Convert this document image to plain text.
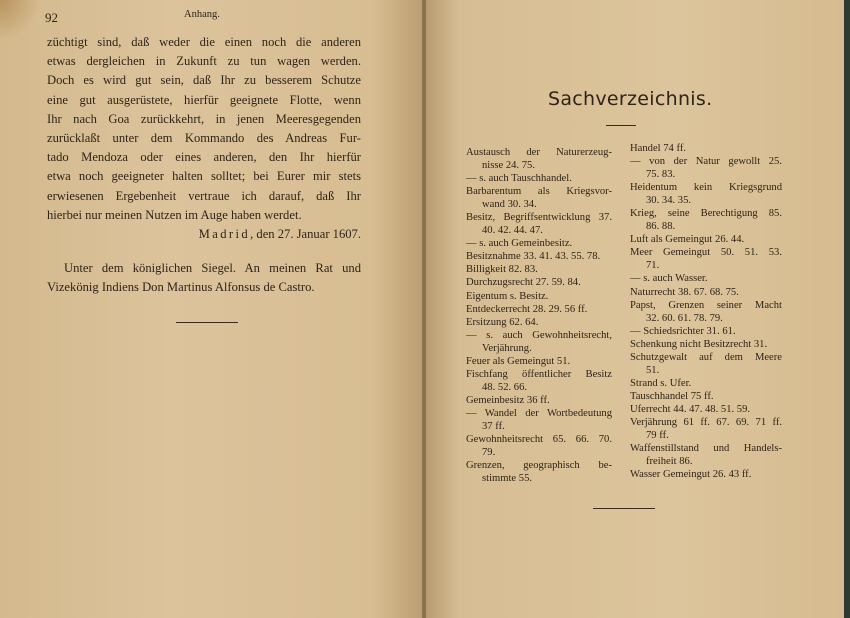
92	Anhang.
züchtigt sind, daß weder die einen noch die anderen
etwas dergleichen in Zukunft zu tun wagen werden.
Doch es wird gut sein, daß Ihr zu besserem Schutze
eine gut ausgerüstete, hierfür geeignete Flotte, wenn
Ihr nach Goa zurückkehrt, in jenen Meeresgegenden
zurücklaßt unter dem Kommando des Andreas Fur-
tado Mendoza oder eines anderen, den Ihr hierfür
etwa noch geeigneter halten solltet; bei Eurer mir stets
erwiesenen Ergebenheit vertraue ich darauf, daß Ihr
hierbei nur meinen Nutzen im Auge haben werdet.
Madrid, den 27. Januar 1607.
Unter dem königlichen Siegel. An meinen Rat und
Vizekönig Indiens Don Martinus Alfonsus de Castro.
Sachverzeichnis.
Austausch der Naturerzeug-
nisse 24. 75.
— s. auch Tauschhandel.
Barbarentum als Kriegsvor-
wand 30. 34.
Besitz, Begriffsentwicklung 37.
40. 42. 44. 47.
— s. auch Gemeinbesitz.
Besitznahme 33. 41. 43. 55. 78.
Billigkeit 82. 83.
Durchzugsrecht 27. 59. 84.
Eigentum s. Besitz.
Entdeckerrecht 28. 29. 56 ff.
Ersitzung 62. 64.
— s. auch Gewohnheitsrecht,
Verjährung.
Feuer als Gemeingut 51.
Fischfang öffentlicher Besitz
48. 52. 66.
Gemeinbesitz 36 ff.
— Wandel der Wortbedeutung
37 ff.
Gewohnheitsrecht 65. 66. 70.
79.
Grenzen, geographisch be-
stimmte 55.
Handel 74 ff.
— von der Natur gewollt 25.
75. 83.
Heidentum kein Kriegsgrund
30. 34. 35.
Krieg, seine Berechtigung 85.
86. 88.
Luft als Gemeingut 26. 44.
Meer Gemeingut 50. 51. 53.
71.
— s. auch Wasser.
Naturrecht 38. 67. 68. 75.
Papst, Grenzen seiner Macht
32. 60. 61. 78. 79.
— Schiedsrichter 31. 61.
Schenkung nicht Besitzrecht 31.
Schutzgewalt auf dem Meere
51.
Strand s. Ufer.
Tauschhandel 75 ff.
Uferrecht 44. 47. 48. 51. 59.
Verjährung 61 ff. 67. 69. 71 ff.
79 ff.
Waffenstillstand und Handels-
freiheit 86.
Wasser Gemeingut 26. 43 ff.
